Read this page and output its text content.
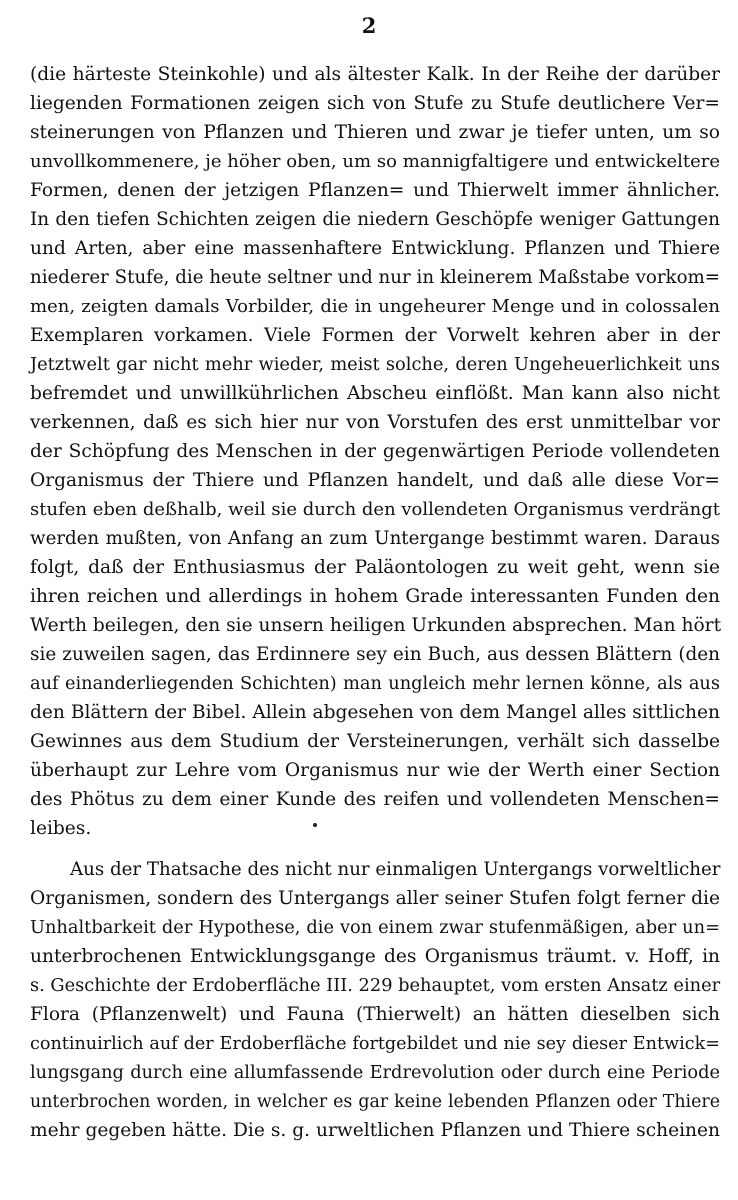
2
(die härteste Steinkohle) und als ältester Kalk. In der Reihe der darüber
liegenden Formationen zeigen sich von Stufe zu Stufe deutlichere Ver=
steinerungen von Pflanzen und Thieren und zwar je tiefer unten, um so
unvollkommenere, je höher oben, um so mannigfaltigere und entwickeltere
Formen, denen der jetzigen Pflanzen= und Thierwelt immer ähnlicher.
In den tiefen Schichten zeigen die niedern Geschöpfe weniger Gattungen
und Arten, aber eine massenhaftere Entwicklung. Pflanzen und Thiere
niederer Stufe, die heute seltner und nur in kleinerem Maßstabe vorkom=
men, zeigten damals Vorbilder, die in ungeheurer Menge und in colossalen
Exemplaren vorkamen. Viele Formen der Vorwelt kehren aber in der
Jetztwelt gar nicht mehr wieder, meist solche, deren Ungeheuerlichkeit uns
befremdet und unwillkührlichen Abscheu einflößt. Man kann also nicht
verkennen, daß es sich hier nur von Vorstufen des erst unmittelbar vor
der Schöpfung des Menschen in der gegenwärtigen Periode vollendeten
Organismus der Thiere und Pflanzen handelt, und daß alle diese Vor=
stufen eben deßhalb, weil sie durch den vollendeten Organismus verdrängt
werden mußten, von Anfang an zum Untergange bestimmt waren. Daraus
folgt, daß der Enthusiasmus der Paläontologen zu weit geht, wenn sie
ihren reichen und allerdings in hohem Grade interessanten Funden den
Werth beilegen, den sie unsern heiligen Urkunden absprechen. Man hört
sie zuweilen sagen, das Erdinnere sey ein Buch, aus dessen Blättern (den
auf einanderliegenden Schichten) man ungleich mehr lernen könne, als aus
den Blättern der Bibel. Allein abgesehen von dem Mangel alles sittlichen
Gewinnes aus dem Studium der Versteinerungen, verhält sich dasselbe
überhaupt zur Lehre vom Organismus nur wie der Werth einer Section
des Phötus zu dem einer Kunde des reifen und vollendeten Menschen=
leibes.
Aus der Thatsache des nicht nur einmaligen Untergangs vorweltlicher
Organismen, sondern des Untergangs aller seiner Stufen folgt ferner die
Unhaltbarkeit der Hypothese, die von einem zwar stufenmäßigen, aber un=
unterbrochenen Entwicklungsgange des Organismus träumt. v. Hoff, in
s. Geschichte der Erdoberfläche III. 229 behauptet, vom ersten Ansatz einer
Flora (Pflanzenwelt) und Fauna (Thierwelt) an hätten dieselben sich
continuirlich auf der Erdoberfläche fortgebildet und nie sey dieser Entwick=
lungsgang durch eine allumfassende Erdrevolution oder durch eine Periode
unterbrochen worden, in welcher es gar keine lebenden Pflanzen oder Thiere
mehr gegeben hätte. Die s. g. urweltlichen Pflanzen und Thiere scheinen
